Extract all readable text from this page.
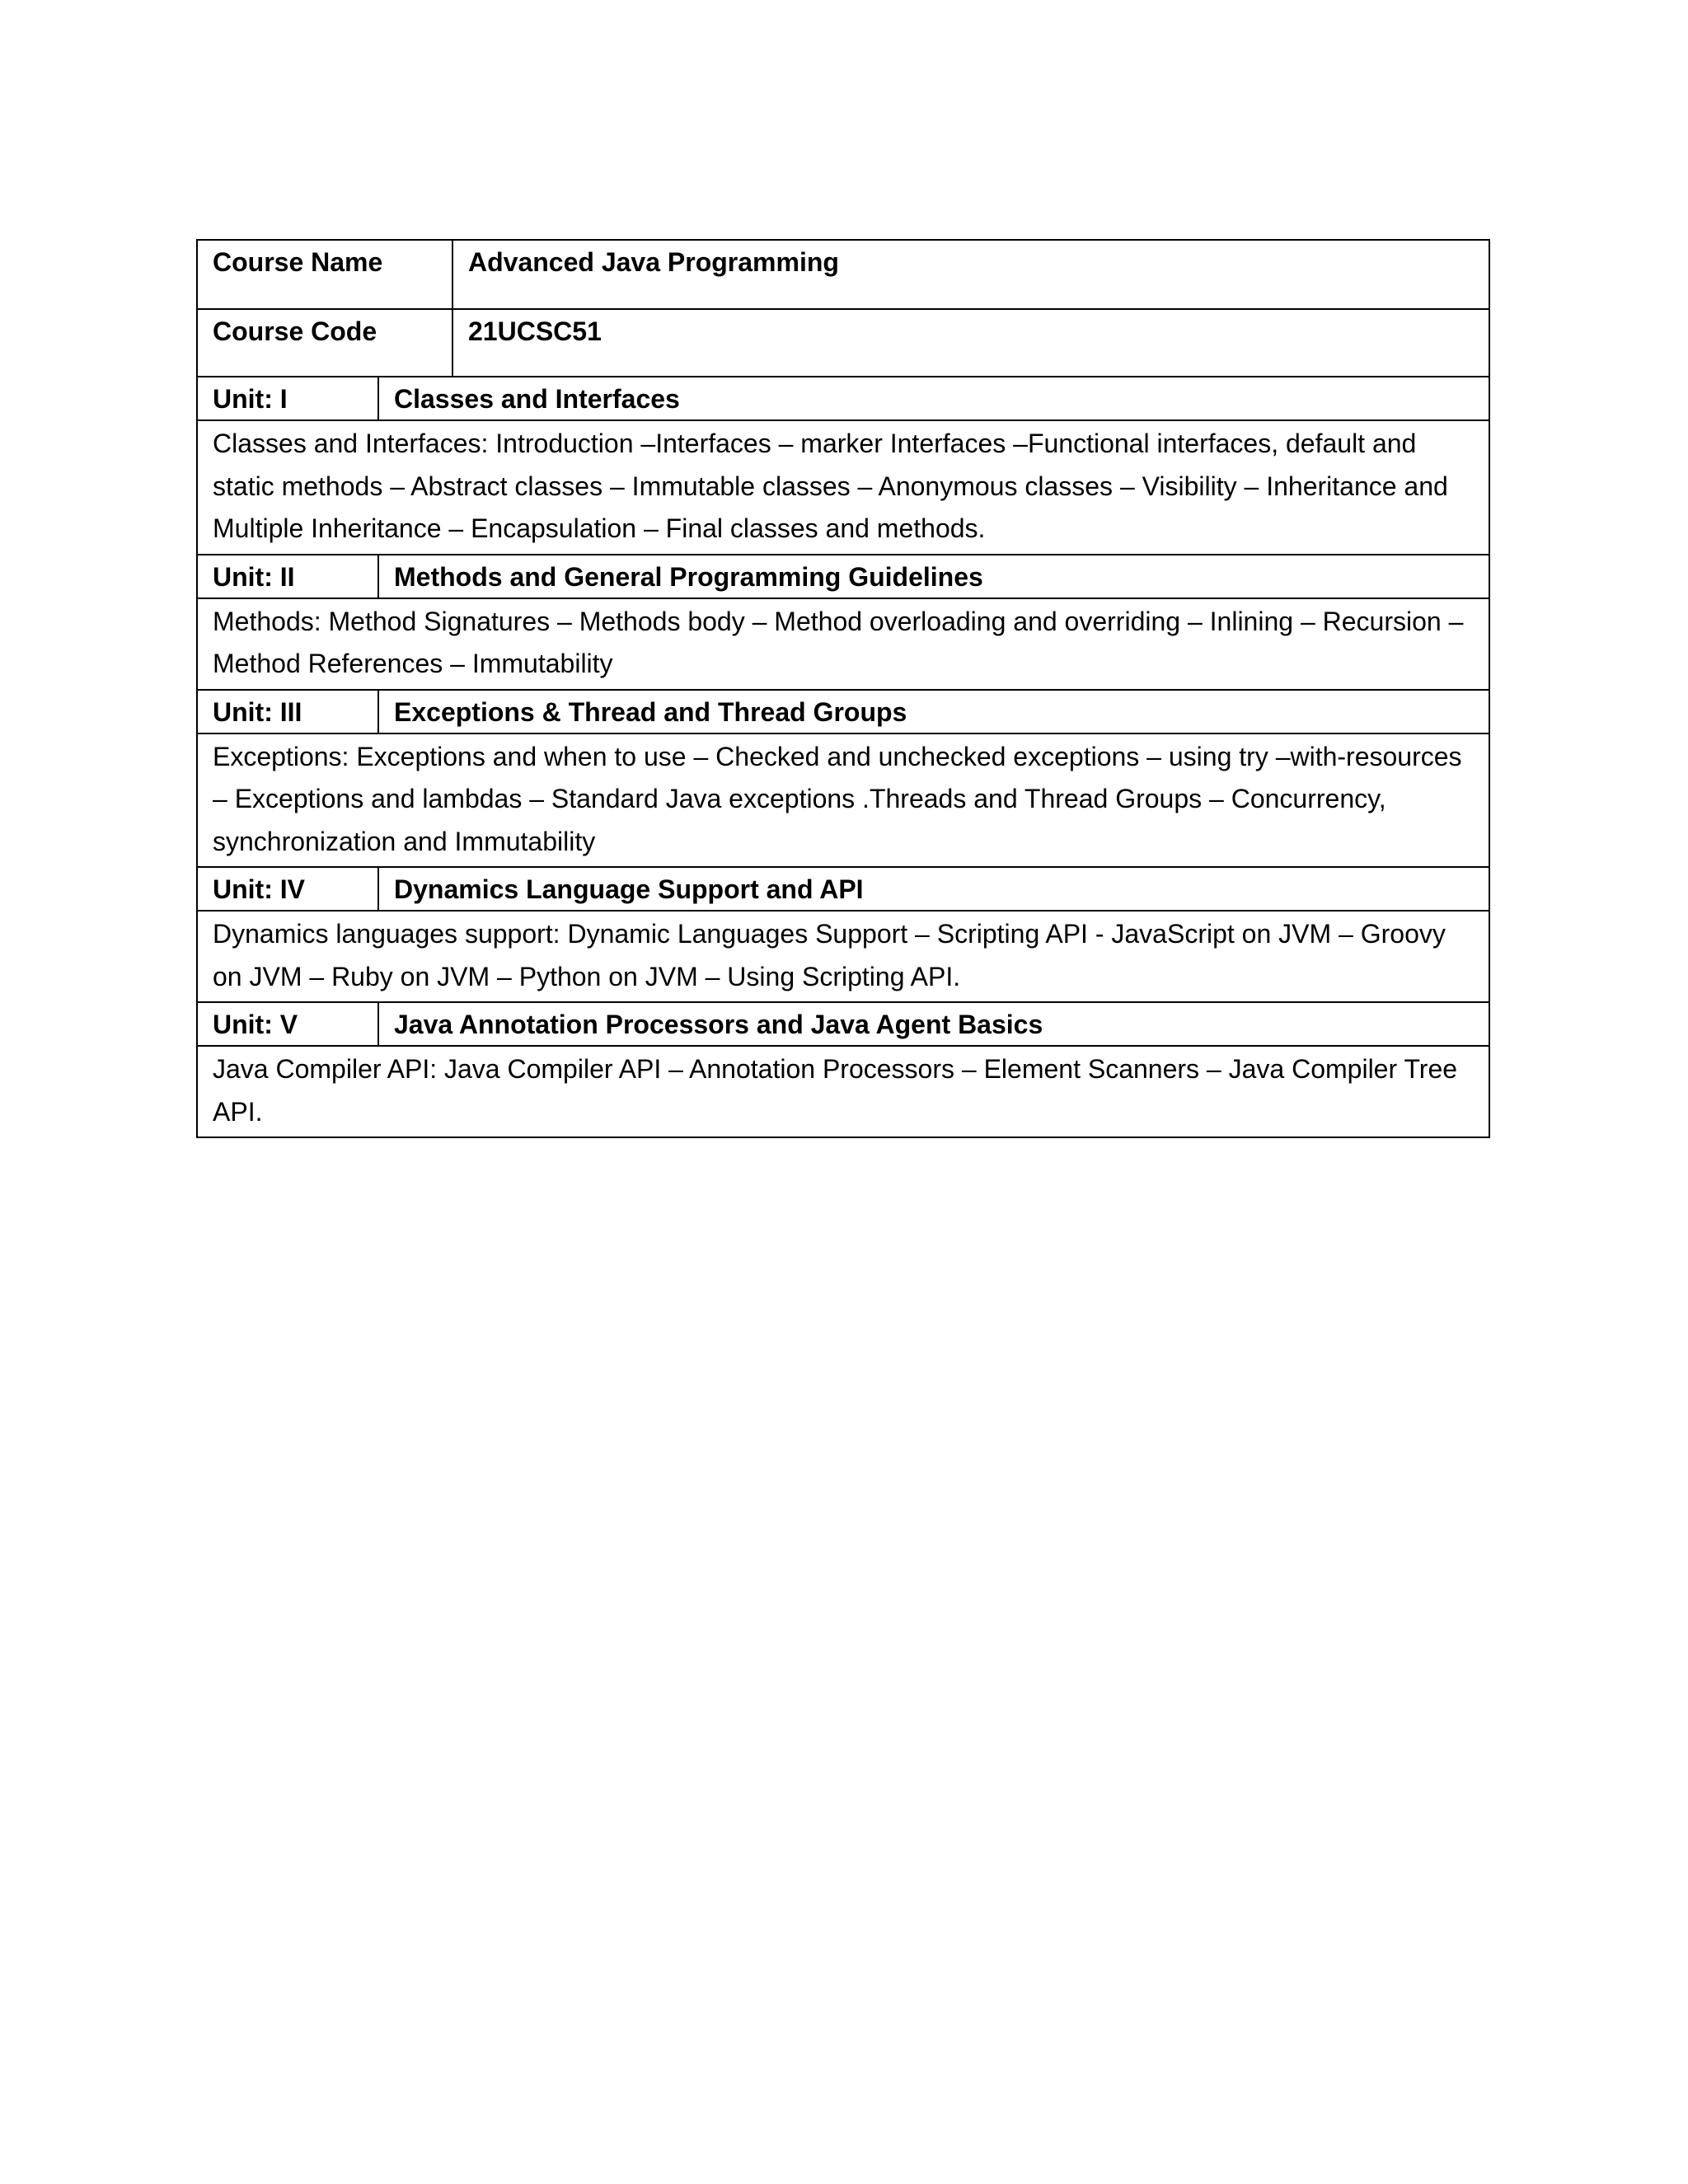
Course Name	Advanced Java Programming
Course Code	21UCSC51
Unit: I	Classes and Interfaces
Classes and Interfaces: Introduction –Interfaces – marker Interfaces –Functional interfaces, default and static methods – Abstract classes – Immutable classes – Anonymous classes – Visibility – Inheritance and Multiple Inheritance – Encapsulation – Final classes and methods.
Unit: II	Methods and General Programming Guidelines
Methods: Method Signatures – Methods body – Method overloading and overriding – Inlining – Recursion – Method References – Immutability
Unit: III	Exceptions & Thread and Thread Groups
Exceptions: Exceptions and when to use – Checked and unchecked exceptions – using try –with-resources – Exceptions and lambdas – Standard Java exceptions .Threads and Thread Groups – Concurrency, synchronization and Immutability
Unit: IV	Dynamics Language Support and API
Dynamics languages support: Dynamic Languages Support – Scripting API - JavaScript on JVM – Groovy on JVM – Ruby on JVM – Python on JVM – Using Scripting API.
Unit: V	Java Annotation Processors and Java Agent Basics
Java Compiler API: Java Compiler API – Annotation Processors – Element Scanners – Java Compiler Tree API.
